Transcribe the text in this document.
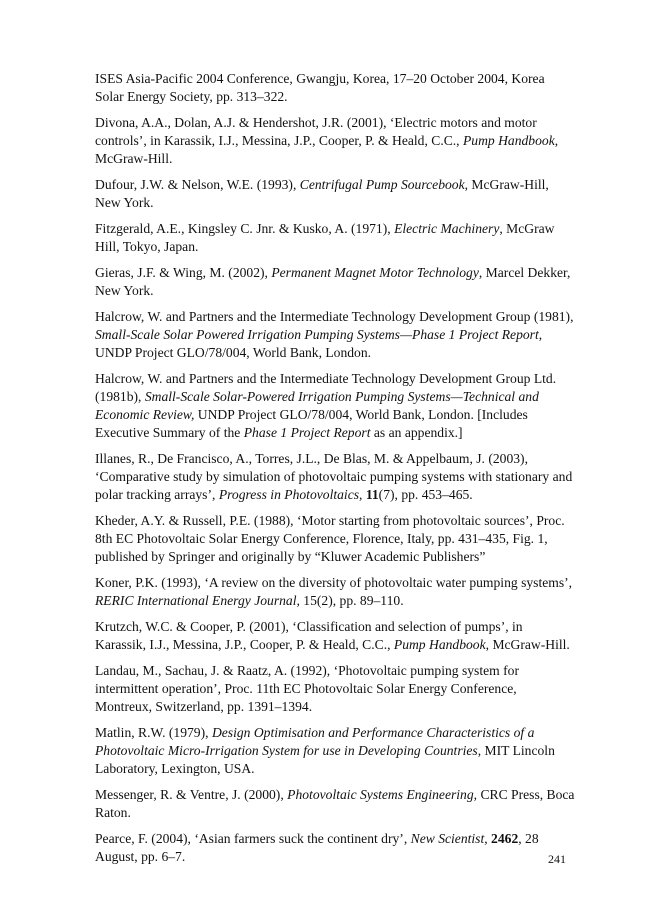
ISES Asia-Pacific 2004 Conference, Gwangju, Korea, 17–20 October 2004, Korea Solar Energy Society, pp. 313–322.

Divona, A.A., Dolan, A.J. & Hendershot, J.R. (2001), ‘Electric motors and motor controls’, in Karassik, I.J., Messina, J.P., Cooper, P. & Heald, C.C., Pump Handbook, McGraw-Hill.

Dufour, J.W. & Nelson, W.E. (1993), Centrifugal Pump Sourcebook, McGraw-Hill, New York.

Fitzgerald, A.E., Kingsley C. Jnr. & Kusko, A. (1971), Electric Machinery, McGraw Hill, Tokyo, Japan.

Gieras, J.F. & Wing, M. (2002), Permanent Magnet Motor Technology, Marcel Dekker, New York.

Halcrow, W. and Partners and the Intermediate Technology Development Group (1981), Small-Scale Solar Powered Irrigation Pumping Systems—Phase 1 Project Report, UNDP Project GLO/78/004, World Bank, London.

Halcrow, W. and Partners and the Intermediate Technology Development Group Ltd. (1981b), Small-Scale Solar-Powered Irrigation Pumping Systems—Technical and Economic Review, UNDP Project GLO/78/004, World Bank, London. [Includes Executive Summary of the Phase 1 Project Report as an appendix.]

Illanes, R., De Francisco, A., Torres, J.L., De Blas, M. & Appelbaum, J. (2003), ‘Comparative study by simulation of photovoltaic pumping systems with stationary and polar tracking arrays’, Progress in Photovoltaics, 11(7), pp. 453–465.

Kheder, A.Y. & Russell, P.E. (1988), ‘Motor starting from photovoltaic sources’, Proc. 8th EC Photovoltaic Solar Energy Conference, Florence, Italy, pp. 431–435, Fig. 1, published by Springer and originally by “Kluwer Academic Publishers”

Koner, P.K. (1993), ‘A review on the diversity of photovoltaic water pumping systems’, RERIC International Energy Journal, 15(2), pp. 89–110.

Krutzch, W.C. & Cooper, P. (2001), ‘Classification and selection of pumps’, in Karassik, I.J., Messina, J.P., Cooper, P. & Heald, C.C., Pump Handbook, McGraw-Hill.

Landau, M., Sachau, J. & Raatz, A. (1992), ‘Photovoltaic pumping system for intermittent operation’, Proc. 11th EC Photovoltaic Solar Energy Conference, Montreux, Switzerland, pp. 1391–1394.

Matlin, R.W. (1979), Design Optimisation and Performance Characteristics of a Photovoltaic Micro-Irrigation System for use in Developing Countries, MIT Lincoln Laboratory, Lexington, USA.

Messenger, R. & Ventre, J. (2000), Photovoltaic Systems Engineering, CRC Press, Boca Raton.

Pearce, F. (2004), ‘Asian farmers suck the continent dry’, New Scientist, 2462, 28 August, pp. 6–7.	241
